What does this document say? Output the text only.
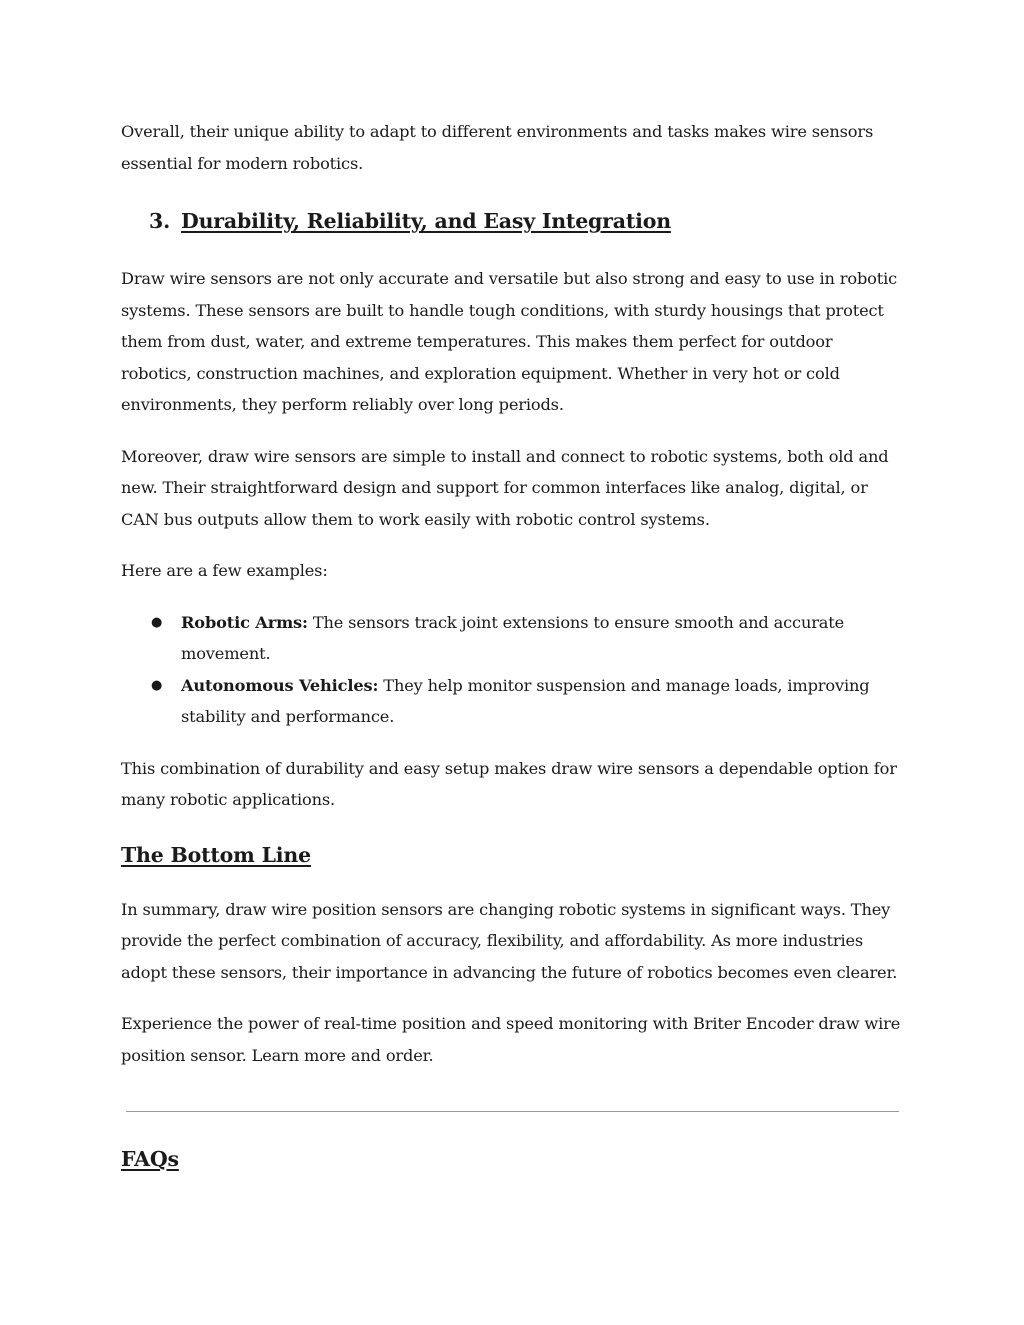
Overall, their unique ability to adapt to different environments and tasks makes wire sensors essential for modern robotics.

3. Durability, Reliability, and Easy Integration

Draw wire sensors are not only accurate and versatile but also strong and easy to use in robotic systems. These sensors are built to handle tough conditions, with sturdy housings that protect them from dust, water, and extreme temperatures. This makes them perfect for outdoor robotics, construction machines, and exploration equipment. Whether in very hot or cold environments, they perform reliably over long periods.

Moreover, draw wire sensors are simple to install and connect to robotic systems, both old and new. Their straightforward design and support for common interfaces like analog, digital, or CAN bus outputs allow them to work easily with robotic control systems.

Here are a few examples:

● Robotic Arms: The sensors track joint extensions to ensure smooth and accurate movement.
● Autonomous Vehicles: They help monitor suspension and manage loads, improving stability and performance.

This combination of durability and easy setup makes draw wire sensors a dependable option for many robotic applications.

The Bottom Line

In summary, draw wire position sensors are changing robotic systems in significant ways. They provide the perfect combination of accuracy, flexibility, and affordability. As more industries adopt these sensors, their importance in advancing the future of robotics becomes even clearer.

Experience the power of real-time position and speed monitoring with Briter Encoder draw wire position sensor. Learn more and order.

FAQs
